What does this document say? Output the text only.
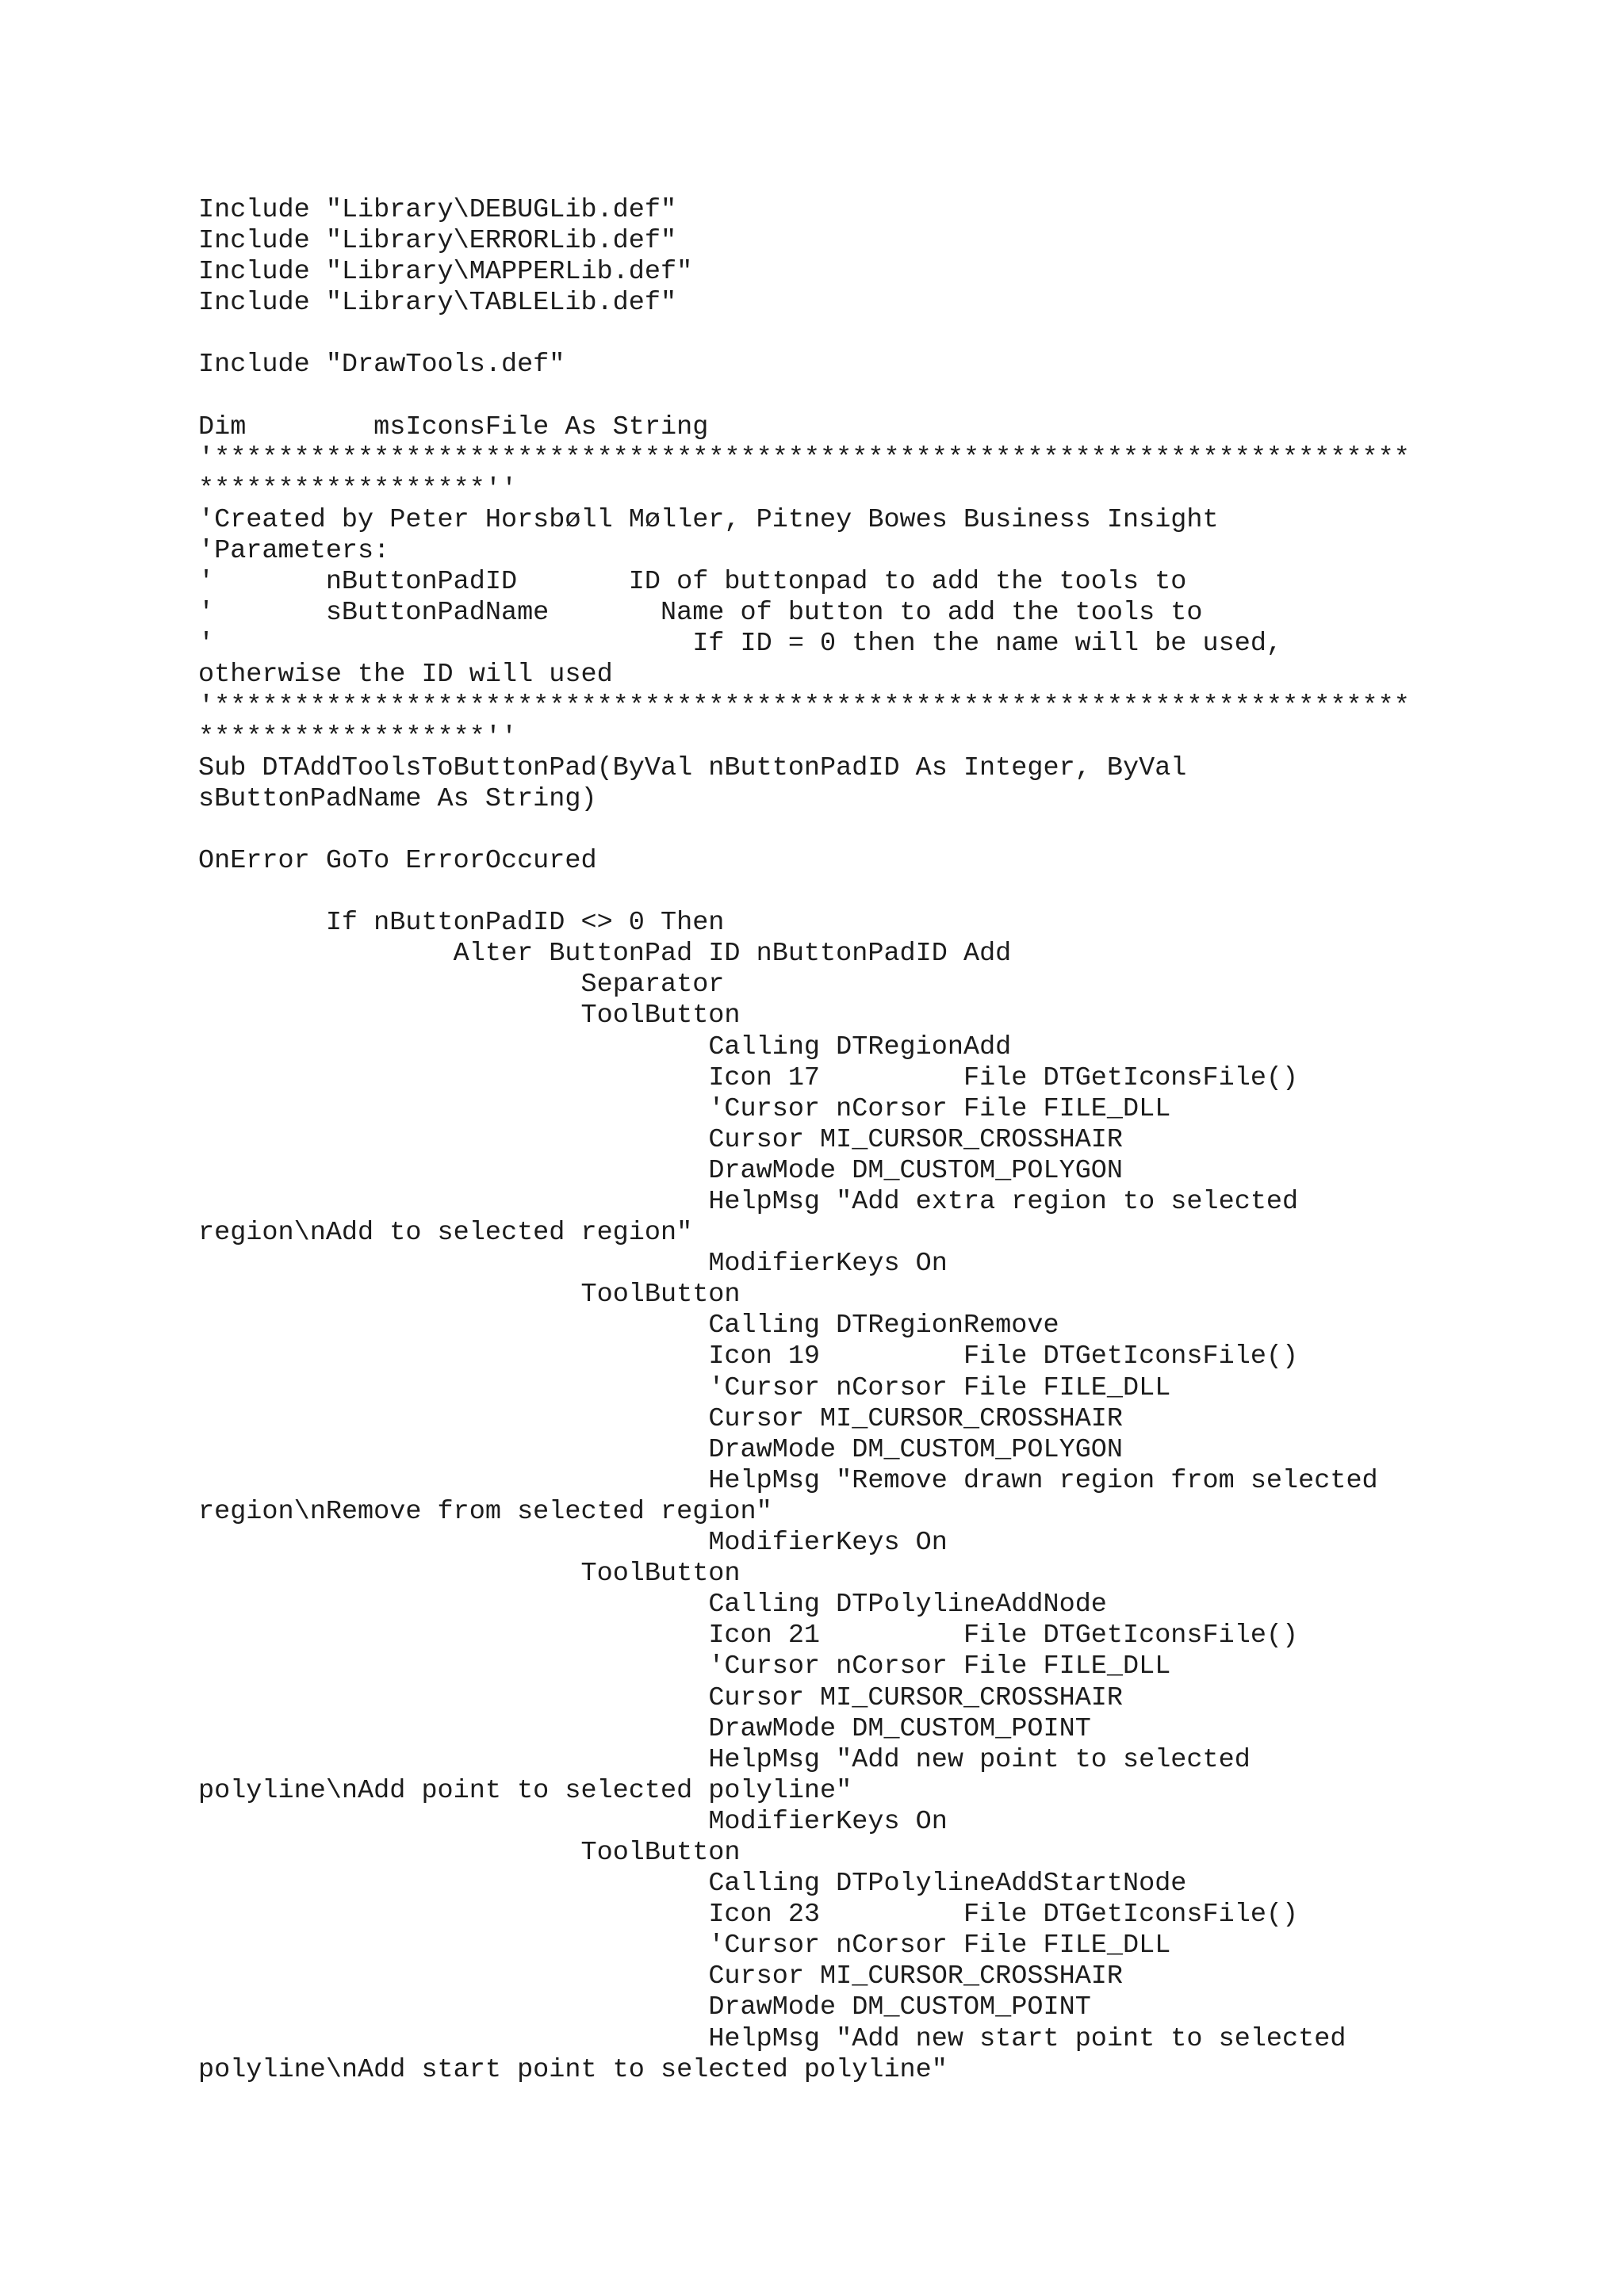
Include "Library\DEBUGLib.def"
Include "Library\ERRORLib.def"
Include "Library\MAPPERLib.def"
Include "Library\TABLELib.def"
Include "DrawTools.def"
Dim	msIconsFile As String
'***************************************************************************
******************''
'Created by Peter Horsbøll Møller, Pitney Bowes Business Insight
'Parameters:
'	nButtonPadID	ID of buttonpad to add the tools to
'	sButtonPadName	Name of button to add the tools to
'			If ID = 0 then the name will be used,
otherwise the ID will used
'***************************************************************************
******************''
Sub DTAddToolsToButtonPad(ByVal nButtonPadID As Integer, ByVal
sButtonPadName As String)
OnError GoTo ErrorOccured
	If nButtonPadID <> 0 Then
		Alter ButtonPad ID nButtonPadID Add
			Separator
			ToolButton
				Calling DTRegionAdd
				Icon 17		File DTGetIconsFile()
				'Cursor nCorsor File FILE_DLL
				Cursor MI_CURSOR_CROSSHAIR
				DrawMode DM_CUSTOM_POLYGON
				HelpMsg "Add extra region to selected
region\nAdd to selected region"
				ModifierKeys On
			ToolButton
				Calling DTRegionRemove
				Icon 19		File DTGetIconsFile()
				'Cursor nCorsor File FILE_DLL
				Cursor MI_CURSOR_CROSSHAIR
				DrawMode DM_CUSTOM_POLYGON
				HelpMsg "Remove drawn region from selected
region\nRemove from selected region"
				ModifierKeys On
			ToolButton
				Calling DTPolylineAddNode
				Icon 21		File DTGetIconsFile()
				'Cursor nCorsor File FILE_DLL
				Cursor MI_CURSOR_CROSSHAIR
				DrawMode DM_CUSTOM_POINT
				HelpMsg "Add new point to selected
polyline\nAdd point to selected polyline"
				ModifierKeys On
			ToolButton
				Calling DTPolylineAddStartNode
				Icon 23		File DTGetIconsFile()
				'Cursor nCorsor File FILE_DLL
				Cursor MI_CURSOR_CROSSHAIR
				DrawMode DM_CUSTOM_POINT
				HelpMsg "Add new start point to selected
polyline\nAdd start point to selected polyline"
